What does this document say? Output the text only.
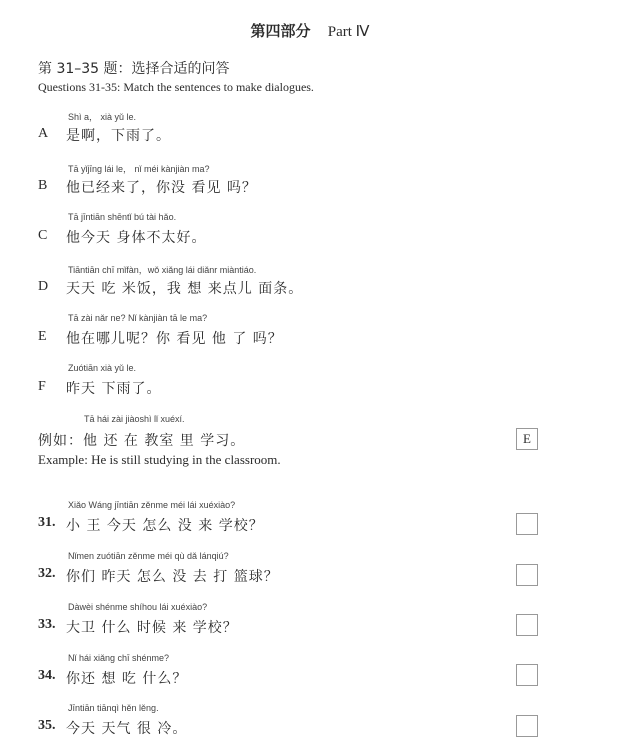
第四部分 Part Ⅳ
第 31–35 题：选择合适的问答
Questions 31-35: Match the sentences to make dialogues.
Shì a， xià yǔ le.
A 是啊，下雨了。
Tā yǐjīng lái le， nǐ méi kànjiàn ma?
B 他已经来了，你没 看见 吗？
Tā jīntiān shēntǐ bú tài hǎo.
C 他今天 身体不太好。
Tiāntiān chī mǐfàn，wǒ xiǎng lái diǎnr miàntiáo.
D 天天 吃 米饭，我 想 来点儿 面条。
Tā zài nǎr ne? Nǐ kànjiàn tā le ma?
E 他在哪儿呢？你 看见 他 了 吗？
Zuótiān xià yǔ le.
F 昨天 下雨了。
Tā hái zài jiàoshì lǐ xuéxí.
例如：他 还 在 教室 里 学习。	E
Example: He is still studying in the classroom.
Xiǎo Wáng jīntiān zěnme méi lái xuéxiào?
31. 小 王 今天 怎么 没 来 学校？
Nǐmen zuótiān zěnme méi qù dǎ lánqiú?
32. 你们 昨天 怎么 没 去 打 篮球？
Dàwèi shénme shíhou lái xuéxiào?
33. 大卫 什么 时候 来 学校？
Nǐ hái xiǎng chī shénme?
34. 你还 想 吃 什么？
Jīntiān tiānqì hěn lěng.
35. 今天 天气 很 冷。
